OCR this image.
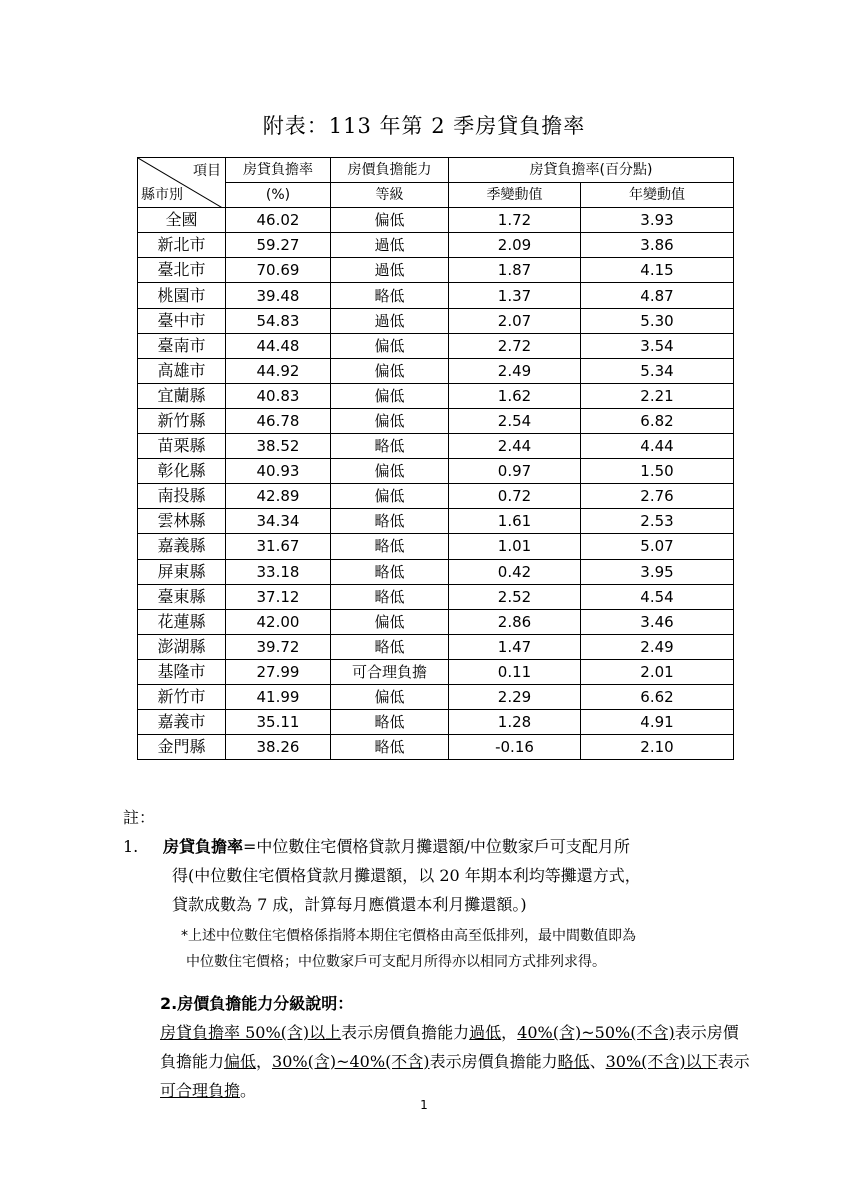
附表：113 年第 2 季房貸負擔率
項目
縣市別	房貸負擔率	房價負擔能力	房貸負擔率(百分點)	
	(%)	等級	季變動值	年變動值
全國	46.02	偏低	1.72	3.93
新北市	59.27	過低	2.09	3.86
臺北市	70.69	過低	1.87	4.15
桃園市	39.48	略低	1.37	4.87
臺中市	54.83	過低	2.07	5.30
臺南市	44.48	偏低	2.72	3.54
高雄市	44.92	偏低	2.49	5.34
宜蘭縣	40.83	偏低	1.62	2.21
新竹縣	46.78	偏低	2.54	6.82
苗栗縣	38.52	略低	2.44	4.44
彰化縣	40.93	偏低	0.97	1.50
南投縣	42.89	偏低	0.72	2.76
雲林縣	34.34	略低	1.61	2.53
嘉義縣	31.67	略低	1.01	5.07
屏東縣	33.18	略低	0.42	3.95
臺東縣	37.12	略低	2.52	4.54
花蓮縣	42.00	偏低	2.86	3.46
澎湖縣	39.72	略低	1.47	2.49
基隆市	27.99	可合理負擔	0.11	2.01
新竹市	41.99	偏低	2.29	6.62
嘉義市	35.11	略低	1.28	4.91
金門縣	38.26	略低	-0.16	2.10
註：1. 房貸負擔率=中位數住宅價格貸款月攤還額/中位數家戶可支配月所
得(中位數住宅價格貸款月攤還額，以 20 年期本利均等攤還方式，
貸款成數為 7 成，計算每月應償還本利月攤還額。)
*上述中位數住宅價格係指將本期住宅價格由高至低排列，最中間數值即為
中位數住宅價格；中位數家戶可支配月所得亦以相同方式排列求得。
2.房價負擔能力分級說明：
房貸負擔率 50%(含)以上表示房價負擔能力過低，40%(含)~50%(不含)表示房價負擔能力偏低，30%(含)~40%(不含)表示房價負擔能力略低、30%(不含)以下表示可合理負擔。
1
